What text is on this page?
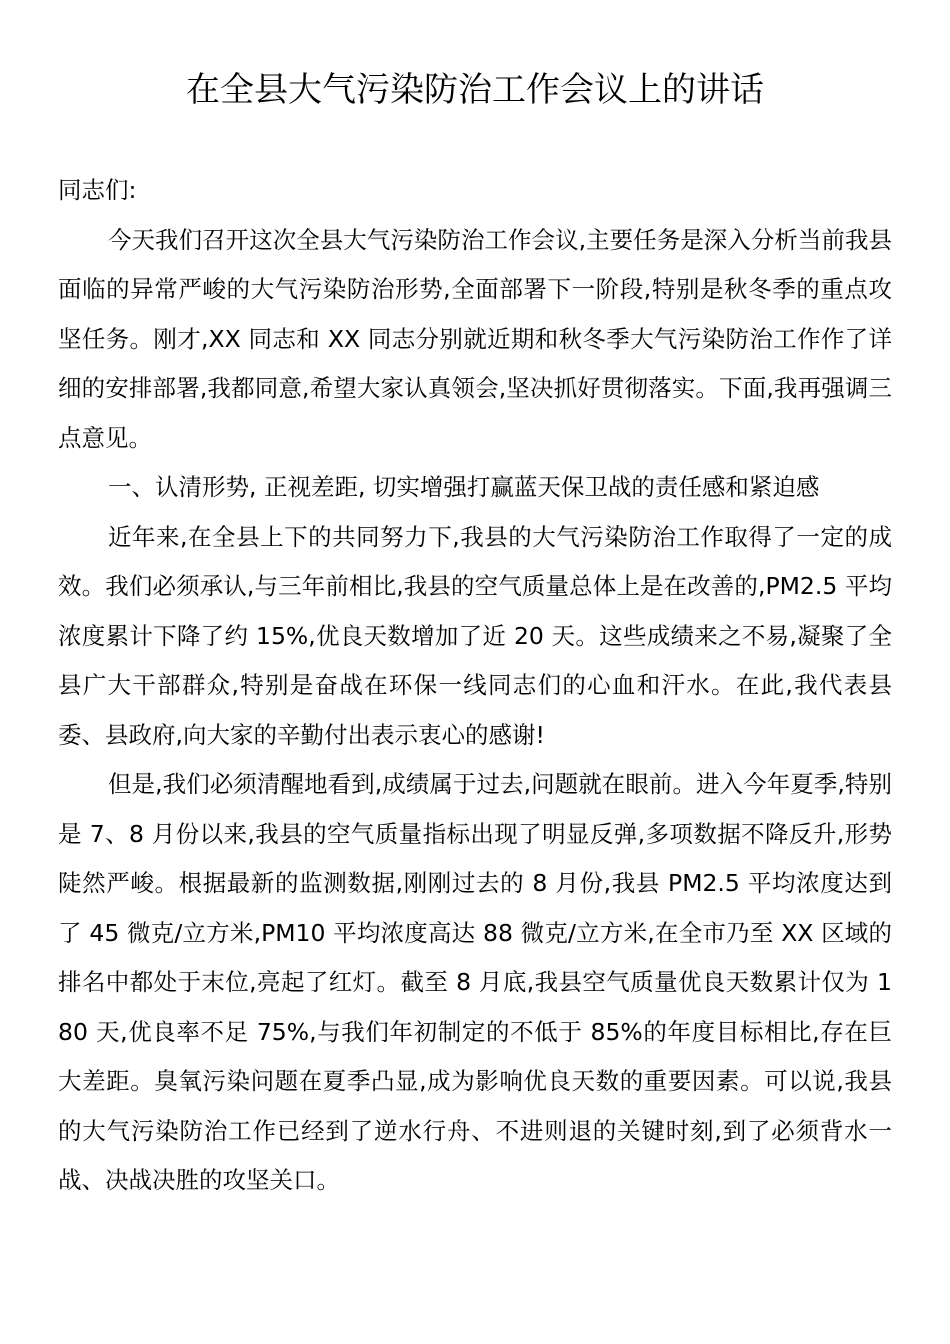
在全县大气污染防治工作会议上的讲话

同志们:

今天我们召开这次全县大气污染防治工作会议,主要任务是深入分析当前我县面临的异常严峻的大气污染防治形势,全面部署下一阶段,特别是秋冬季的重点攻坚任务。刚才,XX 同志和 XX 同志分别就近期和秋冬季大气污染防治工作作了详细的安排部署,我都同意,希望大家认真领会,坚决抓好贯彻落实。下面,我再强调三点意见。

一、认清形势, 正视差距, 切实增强打赢蓝天保卫战的责任感和紧迫感

近年来,在全县上下的共同努力下,我县的大气污染防治工作取得了一定的成效。我们必须承认,与三年前相比,我县的空气质量总体上是在改善的,PM2.5 平均浓度累计下降了约 15%,优良天数增加了近 20 天。这些成绩来之不易,凝聚了全县广大干部群众,特别是奋战在环保一线同志们的心血和汗水。在此,我代表县委、县政府,向大家的辛勤付出表示衷心的感谢!

但是,我们必须清醒地看到,成绩属于过去,问题就在眼前。进入今年夏季,特别是 7、8 月份以来,我县的空气质量指标出现了明显反弹,多项数据不降反升,形势陡然严峻。根据最新的监测数据,刚刚过去的 8 月份,我县 PM2.5 平均浓度达到了 45 微克/立方米,PM10 平均浓度高达 88 微克/立方米,在全市乃至 XX 区域的排名中都处于末位,亮起了红灯。截至 8 月底,我县空气质量优良天数累计仅为 180 天,优良率不足 75%,与我们年初制定的不低于 85%的年度目标相比,存在巨大差距。臭氧污染问题在夏季凸显,成为影响优良天数的重要因素。可以说,我县的大气污染防治工作已经到了逆水行舟、不进则退的关键时刻,到了必须背水一战、决战决胜的攻坚关口。
